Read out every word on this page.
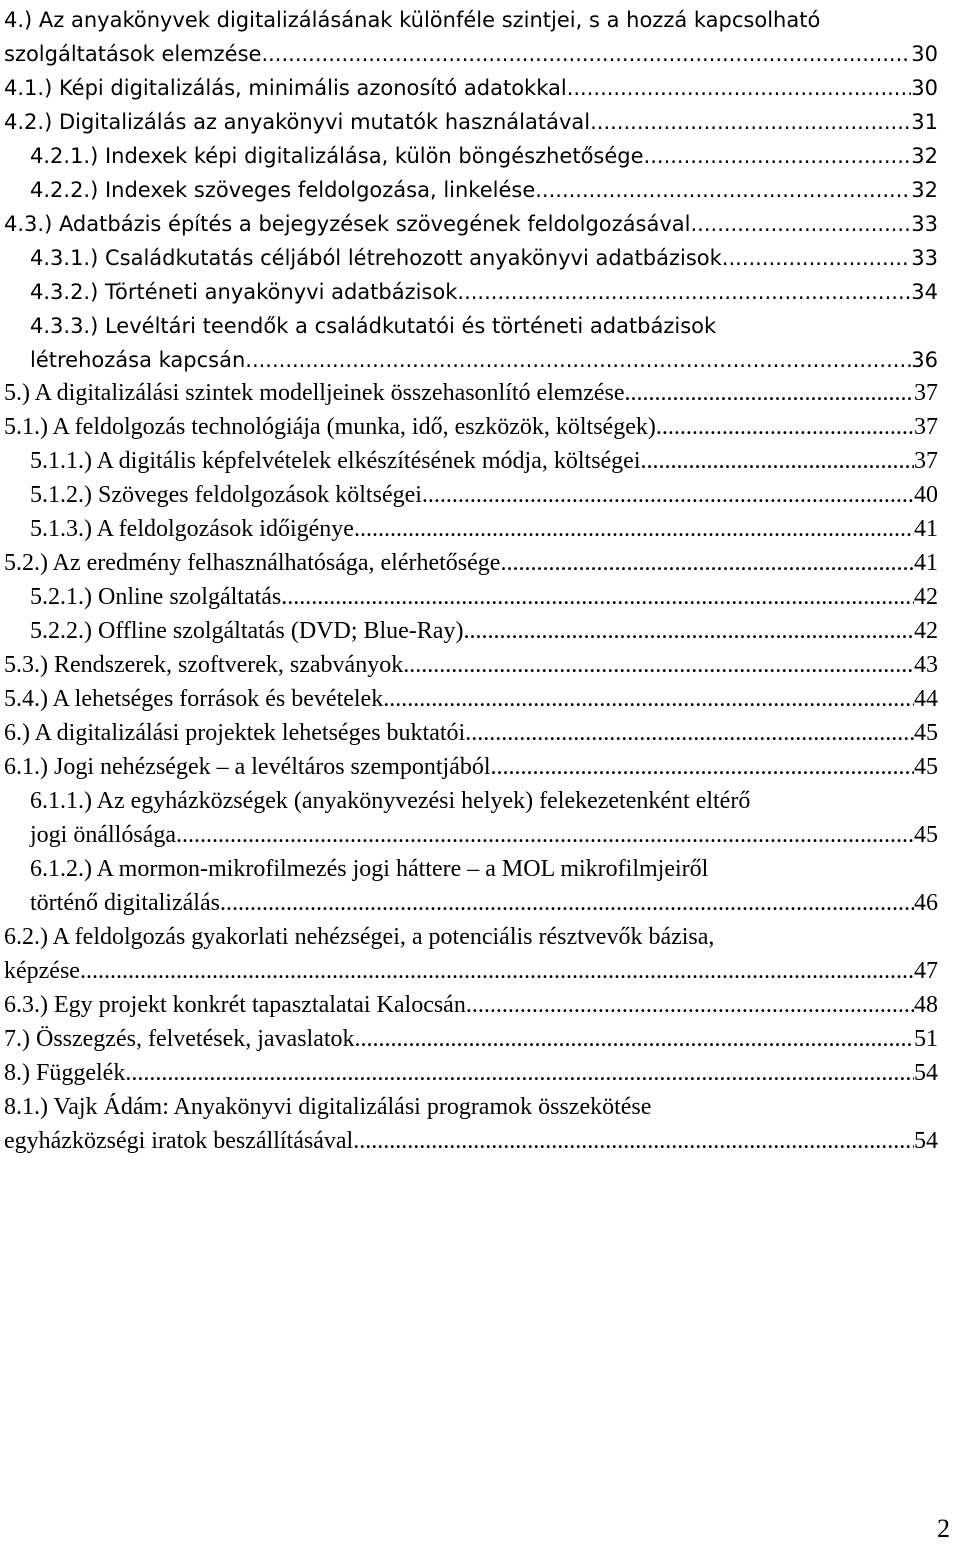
4.) Az anyakönyvek digitalizálásának különféle szintjei, s a hozzá kapcsolható
szolgáltatások elemzése .....	30
4.1.) Képi digitalizálás, minimális azonosító adatokkal .....	30
4.2.) Digitalizálás az anyakönyvi mutatók használatával .....	31
4.2.1.) Indexek képi digitalizálása, külön böngészhetősége .....	32
4.2.2.) Indexek szöveges feldolgozása, linkelése .....	32
4.3.) Adatbázis építés a bejegyzések szövegének feldolgozásával .....	33
4.3.1.) Családkutatás céljából létrehozott anyakönyvi adatbázisok .....	33
4.3.2.) Történeti anyakönyvi adatbázisok .....	34
4.3.3.) Levéltári teendők a családkutatói és történeti adatbázisok
létrehozása kapcsán .....	36
5.) A digitalizálási szintek modelljeinek összehasonlító elemzése .....	37
5.1.) A feldolgozás technológiája (munka, idő, eszközök, költségek) .....	37
5.1.1.) A digitális képfelvételek elkészítésének módja, költségei .....	37
5.1.2.) Szöveges feldolgozások költségei .....	40
5.1.3.) A feldolgozások időigénye .....	41
5.2.) Az eredmény felhasználhatósága, elérhetősége .....	41
5.2.1.) Online szolgáltatás .....	42
5.2.2.) Offline szolgáltatás (DVD; Blue-Ray) .....	42
5.3.) Rendszerek, szoftverek, szabványok .....	43
5.4.) A lehetséges források és bevételek .....	44
6.) A digitalizálási projektek lehetséges buktatói .....	45
6.1.) Jogi nehézségek – a levéltáros szempontjából .....	45
6.1.1.) Az egyházközségek (anyakönyvezési helyek) felekezetenként eltérő
jogi önállósága .....	45
6.1.2.) A mormon-mikrofilmezés jogi háttere – a MOL mikrofilmjeiről
történő digitalizálás .....	46
6.2.) A feldolgozás gyakorlati nehézségei, a potenciális résztvevők bázisa,
képzése .....	47
6.3.) Egy projekt konkrét tapasztalatai Kalocsán .....	48
7.) Összegzés, felvetések, javaslatok .....	51
8.) Függelék .....	54
8.1.) Vajk Ádám: Anyakönyvi digitalizálási programok összekötése
egyházközségi iratok beszállításával .....	54
2
